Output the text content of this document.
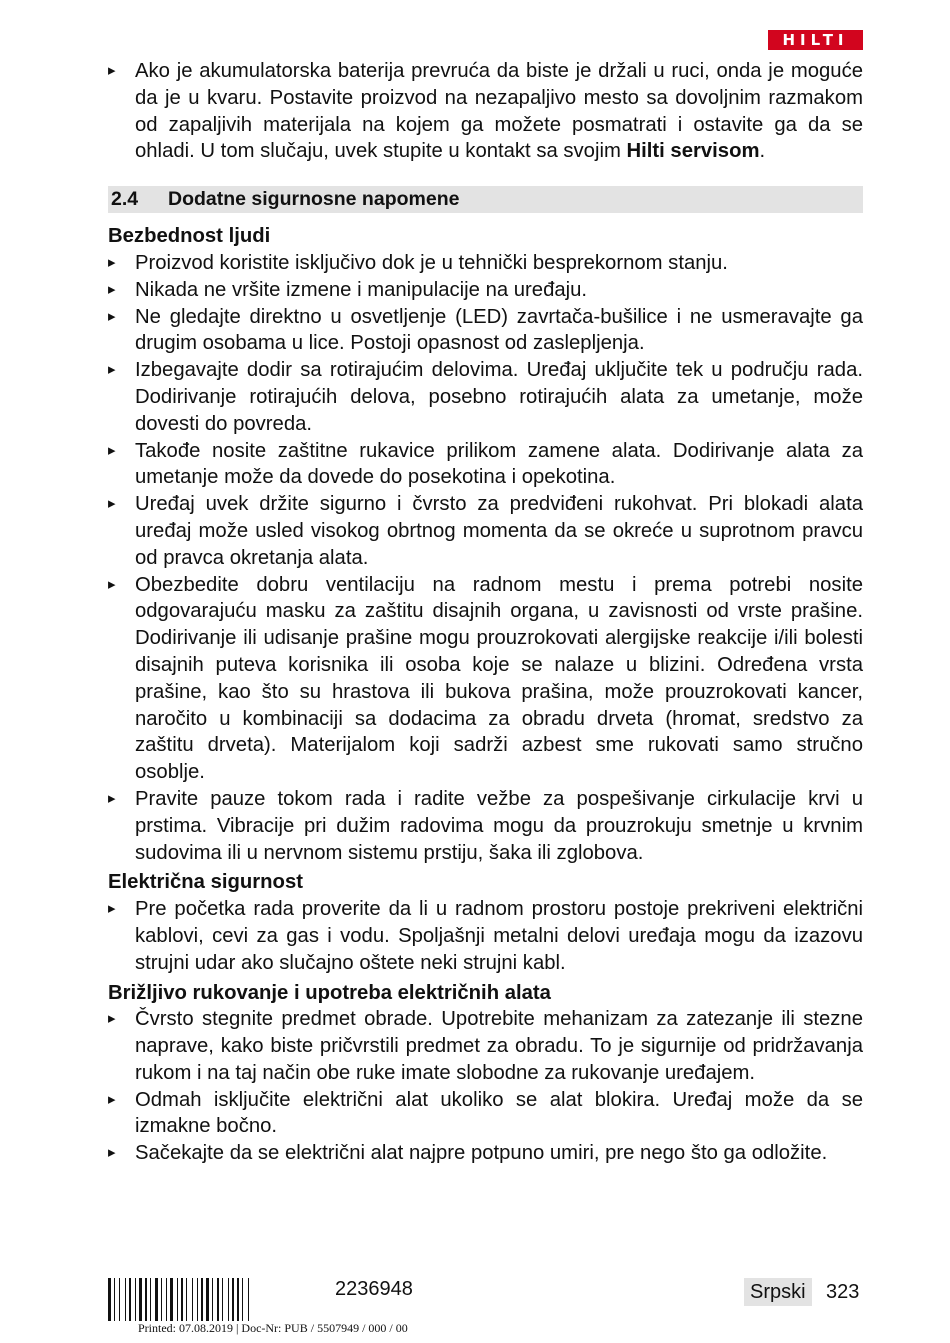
HILTI
▸ Ako je akumulatorska baterija prevruća da biste je držali u ruci, onda je moguće da je u kvaru. Postavite proizvod na nezapaljivo mesto sa dovoljnim razmakom od zapaljivih materijala na kojem ga možete posmatrati i ostavite ga da se ohladi. U tom slučaju, uvek stupite u kontakt sa svojim Hilti servisom.
2.4	Dodatne sigurnosne napomene
Bezbednost ljudi
▸ Proizvod koristite isključivo dok je u tehnički besprekornom stanju.
▸ Nikada ne vršite izmene i manipulacije na uređaju.
▸ Ne gledajte direktno u osvetljenje (LED) zavrtača-bušilice i ne usmeravajte ga drugim osobama u lice. Postoji opasnost od zaslepljenja.
▸ Izbegavajte dodir sa rotirajućim delovima. Uređaj uključite tek u području rada. Dodirivanje rotirajućih delova, posebno rotirajućih alata za umetanje, može dovesti do povreda.
▸ Takođe nosite zaštitne rukavice prilikom zamene alata. Dodirivanje alata za umetanje može da dovede do posekotina i opekotina.
▸ Uređaj uvek držite sigurno i čvrsto za predviđeni rukohvat. Pri blokadi alata uređaj može usled visokog obrtnog momenta da se okreće u suprotnom pravcu od pravca okretanja alata.
▸ Obezbedite dobru ventilaciju na radnom mestu i prema potrebi nosite odgovarajuću masku za zaštitu disajnih organa, u zavisnosti od vrste prašine. Dodirivanje ili udisanje prašine mogu prouzrokovati alergijske reakcije i/ili bolesti disajnih puteva korisnika ili osoba koje se nalaze u blizini. Određena vrsta prašine, kao što su hrastova ili bukova prašina, može prouzrokovati kancer, naročito u kombinaciji sa dodacima za obradu drveta (hromat, sredstvo za zaštitu drveta). Materijalom koji sadrži azbest sme rukovati samo stručno osoblje.
▸ Pravite pauze tokom rada i radite vežbe za pospešivanje cirkulacije krvi u prstima. Vibracije pri dužim radovima mogu da prouzrokuju smetnje u krvnim sudovima ili u nervnom sistemu prstiju, šaka ili zglobova.
Električna sigurnost
▸ Pre početka rada proverite da li u radnom prostoru postoje prekriveni električni kablovi, cevi za gas i vodu. Spoljašnji metalni delovi uređaja mogu da izazovu strujni udar ako slučajno oštete neki strujni kabl.
Brižljivo rukovanje i upotreba električnih alata
▸ Čvrsto stegnite predmet obrade. Upotrebite mehanizam za zatezanje ili stezne naprave, kako biste pričvrstili predmet za obradu. To je sigurnije od pridržavanja rukom i na taj način obe ruke imate slobodne za rukovanje uređajem.
▸ Odmah isključite električni alat ukoliko se alat blokira. Uređaj može da se izmakne bočno.
▸ Sačekajte da se električni alat najpre potpuno umiri, pre nego što ga odložite.
2236948	Srpski	323
Printed: 07.08.2019 | Doc-Nr: PUB / 5507949 / 000 / 00
